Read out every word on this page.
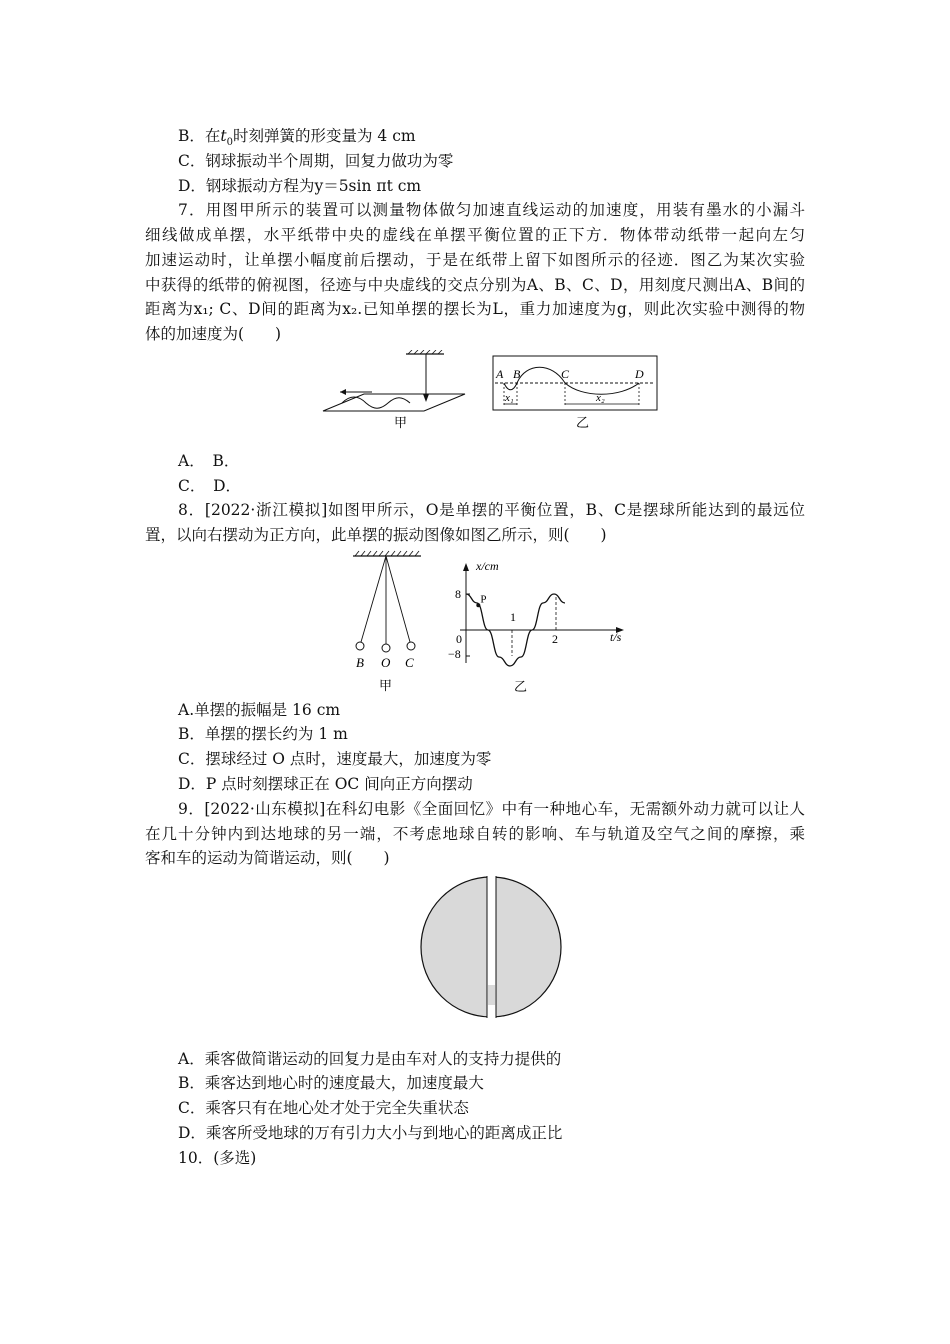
B．在$t_0$时刻弹簧的形变量为 4 cm
C．钢球振动半个周期，回复力做功为零
D．钢球振动方程为y＝5sin πt cm
7．用图甲所示的装置可以测量物体做匀加速直线运动的加速度，用装有墨水的小漏斗
细线做成单摆，水平纸带中央的虚线在单摆平衡位置的正下方．物体带动纸带一起向左匀
加速运动时，让单摆小幅度前后摆动，于是在纸带上留下如图所示的径迹．图乙为某次实验
中获得的纸带的俯视图，径迹与中央虚线的交点分别为A、B、C、D，用刻度尺测出A、B间的
距离为x₁; C、D间的距离为x₂.已知单摆的摆长为L，重力加速度为g，则此次实验中测得的物
体的加速度为(　　)
甲
A B	C	D
x₁	x₂
乙
A．　B．
C．　D．
8．[2022·浙江模拟]如图甲所示，O是单摆的平衡位置，B、C是摆球所能达到的最远位
置，以向右摆动为正方向，此单摆的振动图像如图乙所示，则(　　)
B O C
甲
x/cm
t/s
8
−8
0
1
2
P
乙
A.单摆的振幅是 16 cm
B．单摆的摆长约为 1 m
C．摆球经过 O 点时，速度最大，加速度为零
D．P 点时刻摆球正在 OC 间向正方向摆动
9．[2022·山东模拟]在科幻电影《全面回忆》中有一种地心车，无需额外动力就可以让人
在几十分钟内到达地球的另一端，不考虑地球自转的影响、车与轨道及空气之间的摩擦，乘
客和车的运动为简谐运动，则(　　)
A．乘客做简谐运动的回复力是由车对人的支持力提供的
B．乘客达到地心时的速度最大，加速度最大
C．乘客只有在地心处才处于完全失重状态
D．乘客所受地球的万有引力大小与到地心的距离成正比
10．(多选)
